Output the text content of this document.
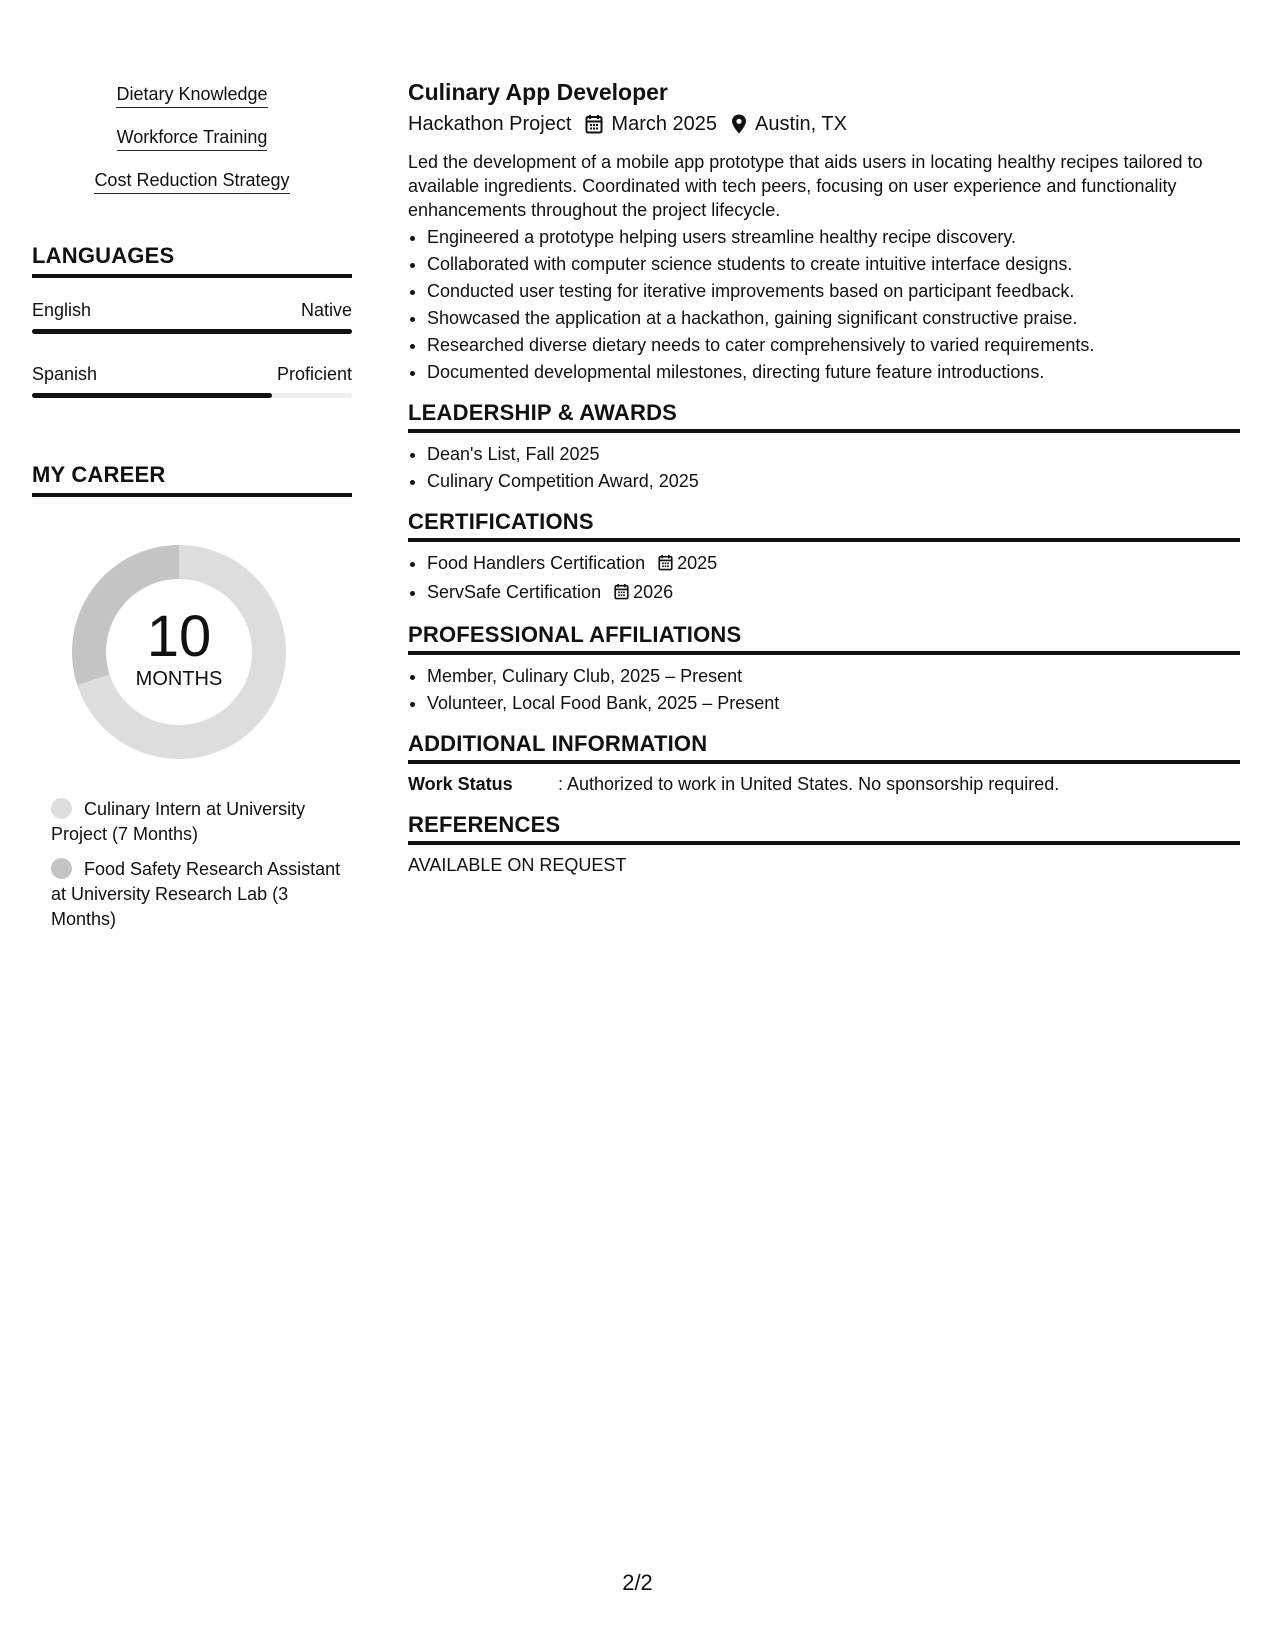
Dietary Knowledge
Workforce Training
Cost Reduction Strategy
LANGUAGES
English	Native
Spanish	Proficient
MY CAREER
10
MONTHS
Culinary Intern at University Project (7 Months)
Food Safety Research Assistant at University Research Lab (3 Months)
Culinary App Developer
Hackathon Project March 2025 Austin, TX

Led the development of a mobile app prototype that aids users in locating healthy recipes tailored to available ingredients. Coordinated with tech peers, focusing on user experience and functionality enhancements throughout the project lifecycle.

• Engineered a prototype helping users streamline healthy recipe discovery.
• Collaborated with computer science students to create intuitive interface designs.
• Conducted user testing for iterative improvements based on participant feedback.
• Showcased the application at a hackathon, gaining significant constructive praise.
• Researched diverse dietary needs to cater comprehensively to varied requirements.
• Documented developmental milestones, directing future feature introductions.
LEADERSHIP & AWARDS
• Dean's List, Fall 2025
• Culinary Competition Award, 2025
CERTIFICATIONS
• Food Handlers Certification 2025
• ServSafe Certification 2026
PROFESSIONAL AFFILIATIONS
• Member, Culinary Club, 2025 – Present
• Volunteer, Local Food Bank, 2025 – Present
ADDITIONAL INFORMATION
Work Status	: Authorized to work in United States. No sponsorship required.
REFERENCES
AVAILABLE ON REQUEST
2/2
